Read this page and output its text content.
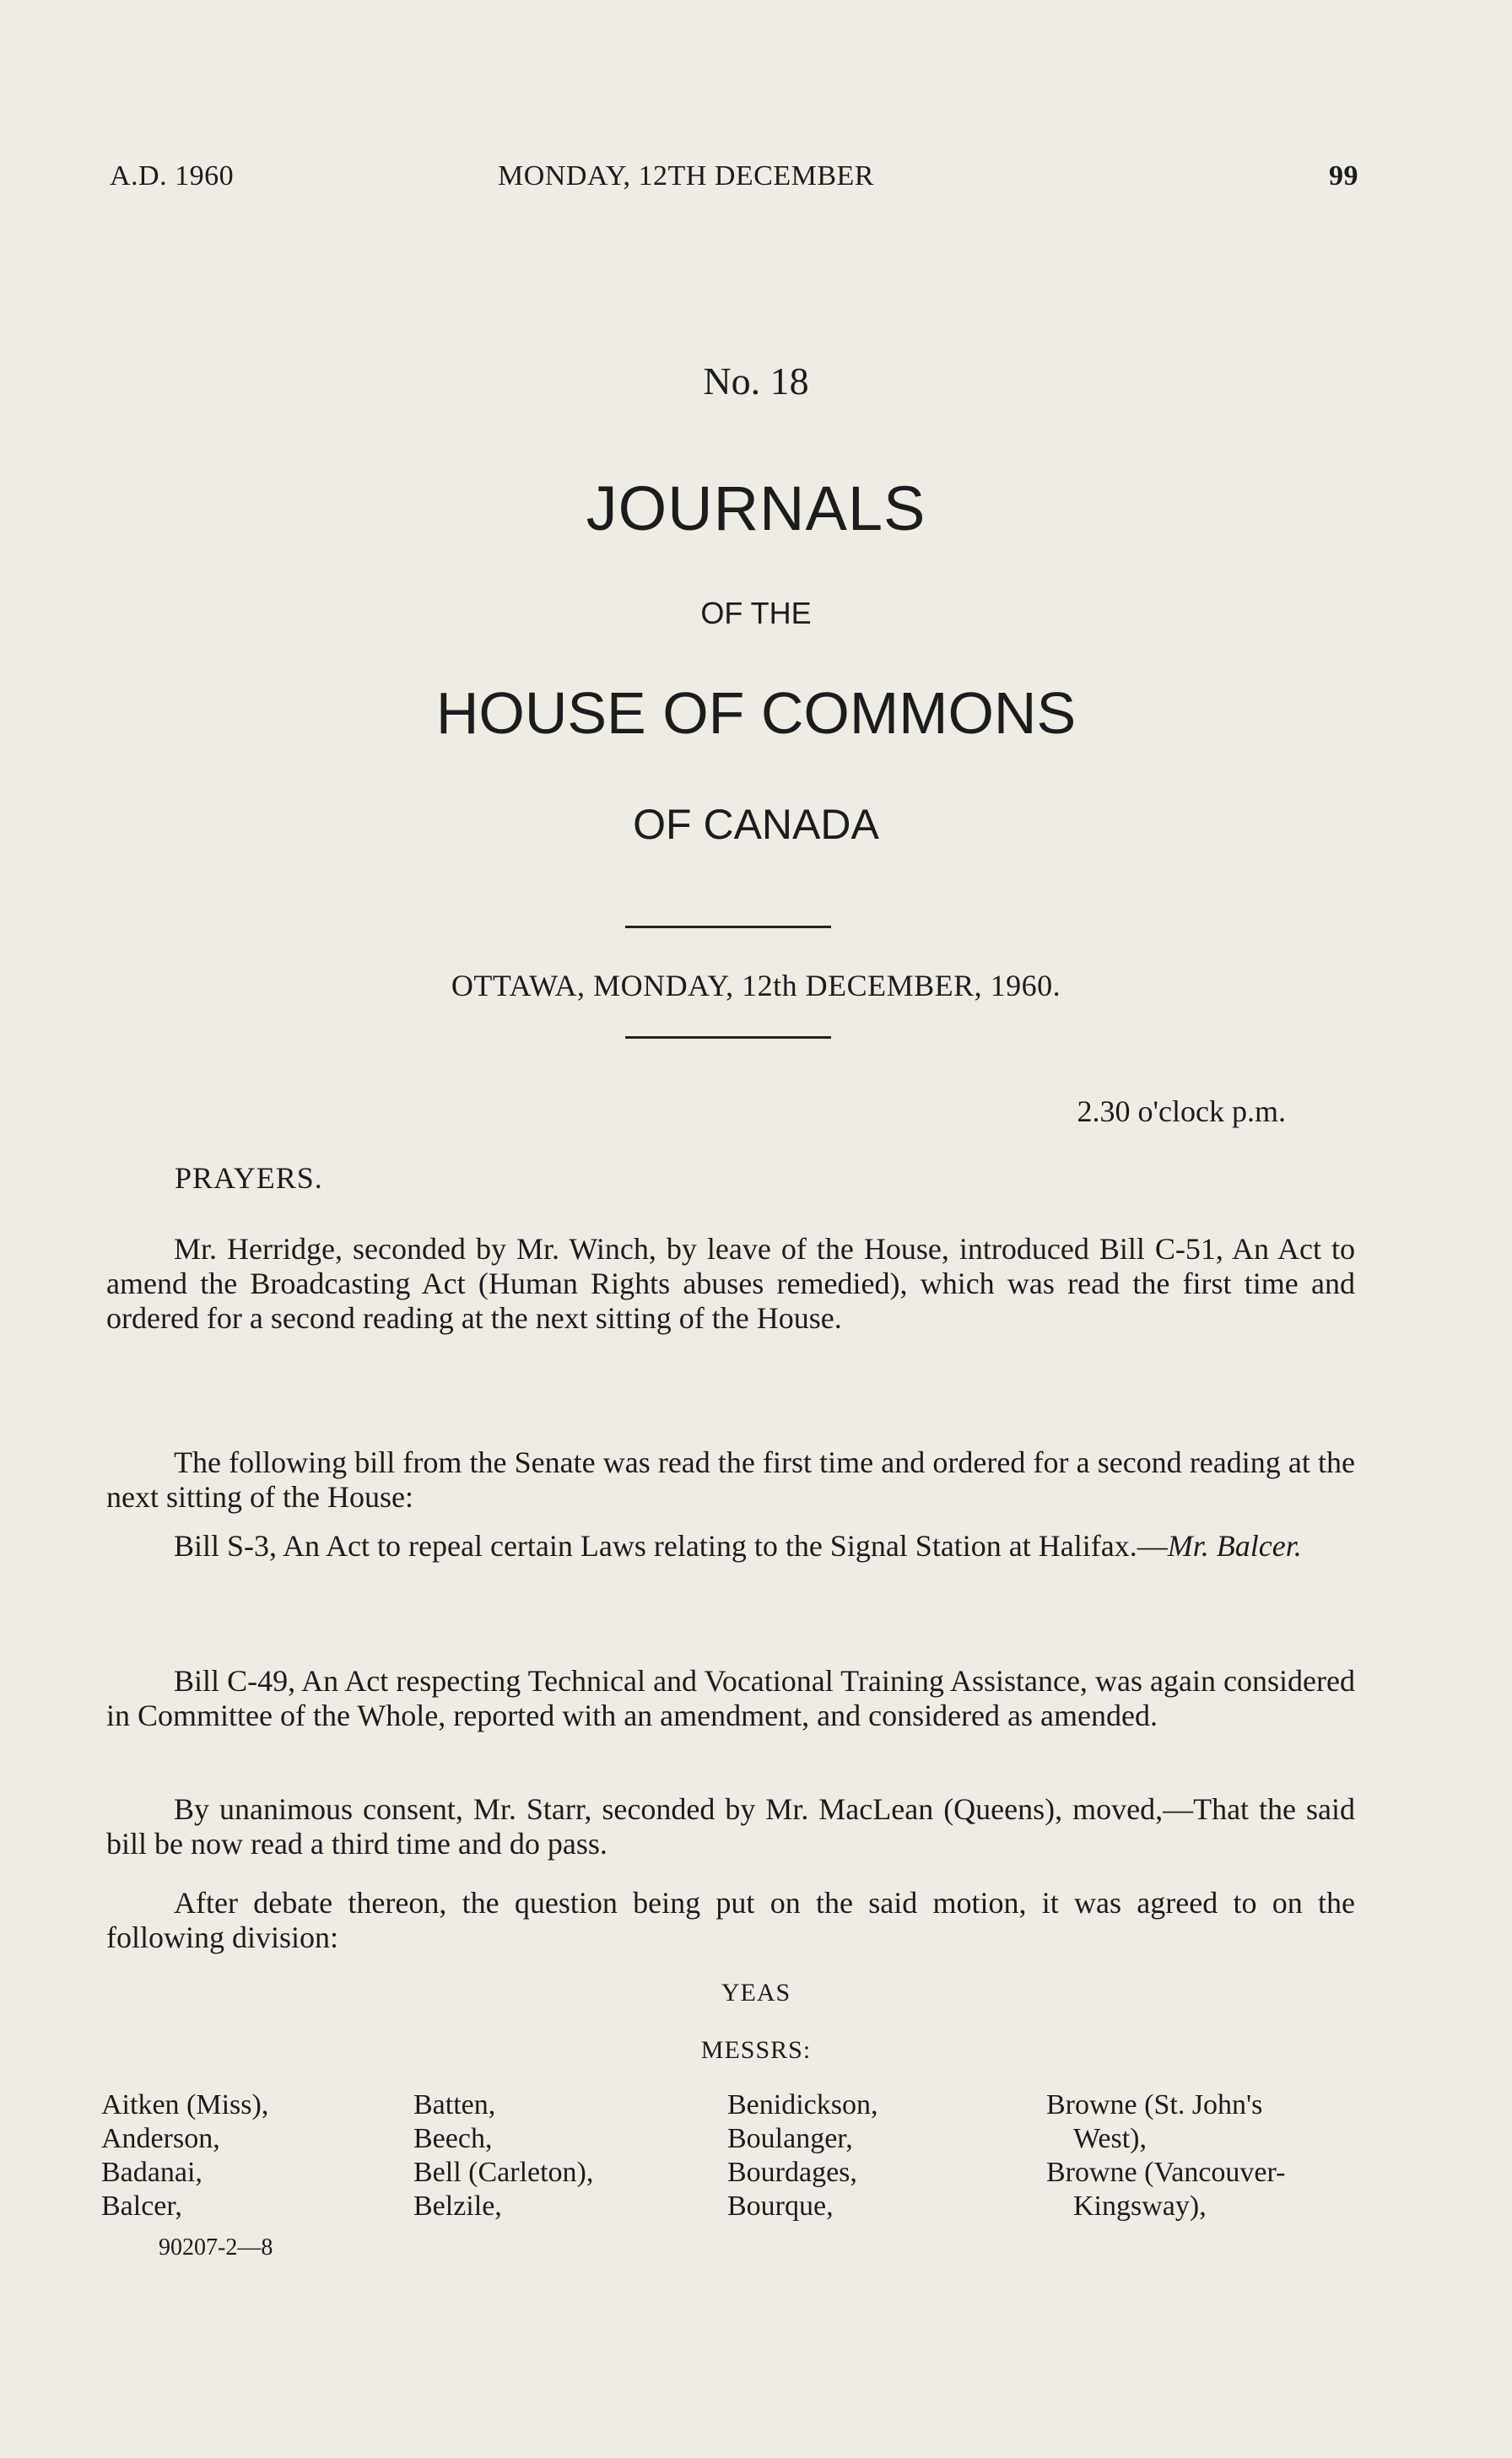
A.D. 1960	MONDAY, 12TH DECEMBER	99
No. 18
JOURNALS
OF THE
HOUSE OF COMMONS
OF CANADA
OTTAWA, MONDAY, 12th DECEMBER, 1960.
2.30 o'clock p.m.
PRAYERS.
Mr. Herridge, seconded by Mr. Winch, by leave of the House, introduced Bill C-51, An Act to amend the Broadcasting Act (Human Rights abuses remedied), which was read the first time and ordered for a second reading at the next sitting of the House.
The following bill from the Senate was read the first time and ordered for a second reading at the next sitting of the House:
Bill S-3, An Act to repeal certain Laws relating to the Signal Station at Halifax.—Mr. Balcer.
Bill C-49, An Act respecting Technical and Vocational Training Assistance, was again considered in Committee of the Whole, reported with an amendment, and considered as amended.
By unanimous consent, Mr. Starr, seconded by Mr. MacLean (Queens), moved,—That the said bill be now read a third time and do pass.
After debate thereon, the question being put on the said motion, it was agreed to on the following division:
YEAS
MESSRS:
Aitken (Miss),
Anderson,
Badanai,
Balcer,
Batten,
Beech,
Bell (Carleton),
Belzile,
Benidickson,
Boulanger,
Bourdages,
Bourque,
Browne (St. John's
West),
Browne (Vancouver-
Kingsway),
90207-2—8
